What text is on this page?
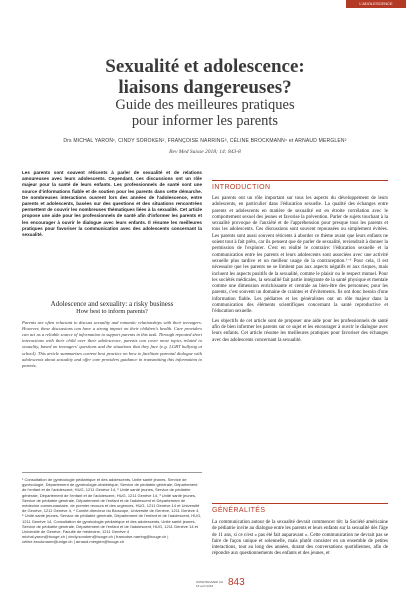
L'ADOLESCENCE
Sexualité et adolescence:
liaisons dangereuses?
Guide des meilleures pratiques
pour informer les parents
Drs MICHAL YARON¹, CINDY SOROKEN², FRANÇOISE NARRING³, CÉLINE BROCKMANN⁴ et ARNAUD MERGLEN²
Rev Med Suisse 2018; 14: 843-8
Les parents sont souvent réticents à parler de sexualité et de relations amoureuses avec leurs adolescents. Cependant, ces discussions ont un rôle majeur pour la santé de leurs enfants. Les professionnels de santé sont une source d'informations fiable et de soutien pour les parents dans cette démarche. De nombreuses interactions ouvrent lors des années de l'adolescence, entre parents et adolescents, basées sur des questions et des situations rencontrées permettent de couvrir les nombreuses thématiques liées à la sexualité. Cet article propose une aide pour les professionnels de santé afin d'informer les parents et les encourager à ouvrir le dialogue avec leurs enfants. Il résume les meilleures pratiques pour favoriser la communication avec des adolescents concernant la sexualité.
Adolescence and sexuality: a risky business
How best to inform parents?
Parents are often reluctant to discuss sexuality and romantic relationships with their teenagers. However, these discussions can have a strong impact on their children's health. Care providers can act as a reliable source of information to support parents in this task. Through repeated short interactions with their child over their adolescence, parents can cover most topics related to sexuality, based on teenagers' questions and the situations that they face (e.g. LGBT bullying at school). This article summarizes current best practice on how to facilitate parental dialogue with adolescents about sexuality and offer care providers guidance in transmitting this information to parents.
¹ Consultation de gynécologie pédiatrique et des adolescents, Unité santé jeunes, Service de gynécologie, Département de gynécologie-obstétrique, Service de pédiatrie générale, Département de l'enfant et de l'adolescent, HUG, 1211 Genève 14, ² Unité santé jeunes, Service de pédiatrie générale, Département de l'enfant et de l'adolescent, HUG, 1211 Genève 14, ³ Unité santé jeunes, Service de pédiatrie générale, Département de l'enfant et de l'adolescent et Département de médecine communautaire, de premier recours et des urgences, HUG, 1211 Genève 14 et Université de Genève, 1211 Genève 4, ⁴ Comité directeur du Bioscope, Université de Genève, 1211 Genève 4, ⁵ Unité santé jeunes, Service de pédiatrie générale, Département de l'enfant et de l'adolescent, HUG, 1211 Genève 14, Consultation de gynécologie pédiatrique et des adolescents, Unité santé jeunes, Service de pédiatrie générale, Département de l'enfant et de l'adolescent, HUG, 1211 Genève 14 et Université de Genève, Faculté de médecine, 1211 Genève 4
michal.yaron@hcuge.ch | cindy.soroken@hcuge.ch | francoise.narring@hcuge.ch | celine.brockmann@unige.ch | arnaud.merglen@hcuge.ch
INTRODUCTION

Les parents ont un rôle important sur tous les aspects du développement de leurs adolescents, en particulier dans l'éducation sexuelle. La qualité des échanges entre parents et adolescents en matière de sexualité est en étroite corrélation avec le comportement sexuel des jeunes et favorise la prévention. Parler de sujets touchant à la sexualité provoque de l'anxiété et de l'appréhension pour presque tous les parents et tous les adolescents. Ces discussions sont souvent repoussées ou simplement évitées. Les parents sont aussi souvent réticents à aborder ce thème avant que leurs enfants ne soient tout à fait prêts, car ils pensent que de parler de sexualité, reviendrait à donner la permission de l'explorer. C'est en réalité le contraire: l'éducation sexuelle et la communication entre les parents et leurs adolescents sont associées avec une activité sexuelle plus tardive et un meilleur usage de la contraception.¹⁻³ Pour cela, il est nécessaire que les parents ne se limitent pas aux aspects négatifs et aux risques, mais incluent les aspects positifs de la sexualité, comme le plaisir ou le respect mutuel. Pour les sociétés médicales, la sexualité fait partie intégrante de la santé physique et mentale comme une dimension enrichissante et centrale au bien-être des personnes; pour les parents, c'est souvent un domaine de craintes et d'évitements. Ils ont donc besoin d'une information fiable. Les pédiatres et les généralistes ont un rôle majeur dans la communication des éléments scientifiques concernant la santé reproductive et l'éducation sexuelle.

Les objectifs de cet article sont de proposer une aide pour les professionnels de santé afin de bien informer les parents sur ce sujet et les encourager à ouvrir le dialogue avec leurs enfants. Cet article résume les meilleures pratiques pour favoriser des échanges avec des adolescents concernant la sexualité.

GÉNÉRALITÉS
La communication autour de la sexualité devrait commencer tôt: la Société américaine de pédiatrie invite au dialogue entre les parents et leurs enfants sur la sexualité dès l'âge de 11 ans, si ce n'est « pas été fait auparavant ». Cette communication ne devrait pas se faire de façon unique et solennelle, mais plutôt consister en un ensemble de petites interactions, tout au long des années, durant des conversations quotidiennes, afin de répondre aux questionnements des enfants et des jeunes, et
WWW.REVMED.CH
18 avril 2018	843
